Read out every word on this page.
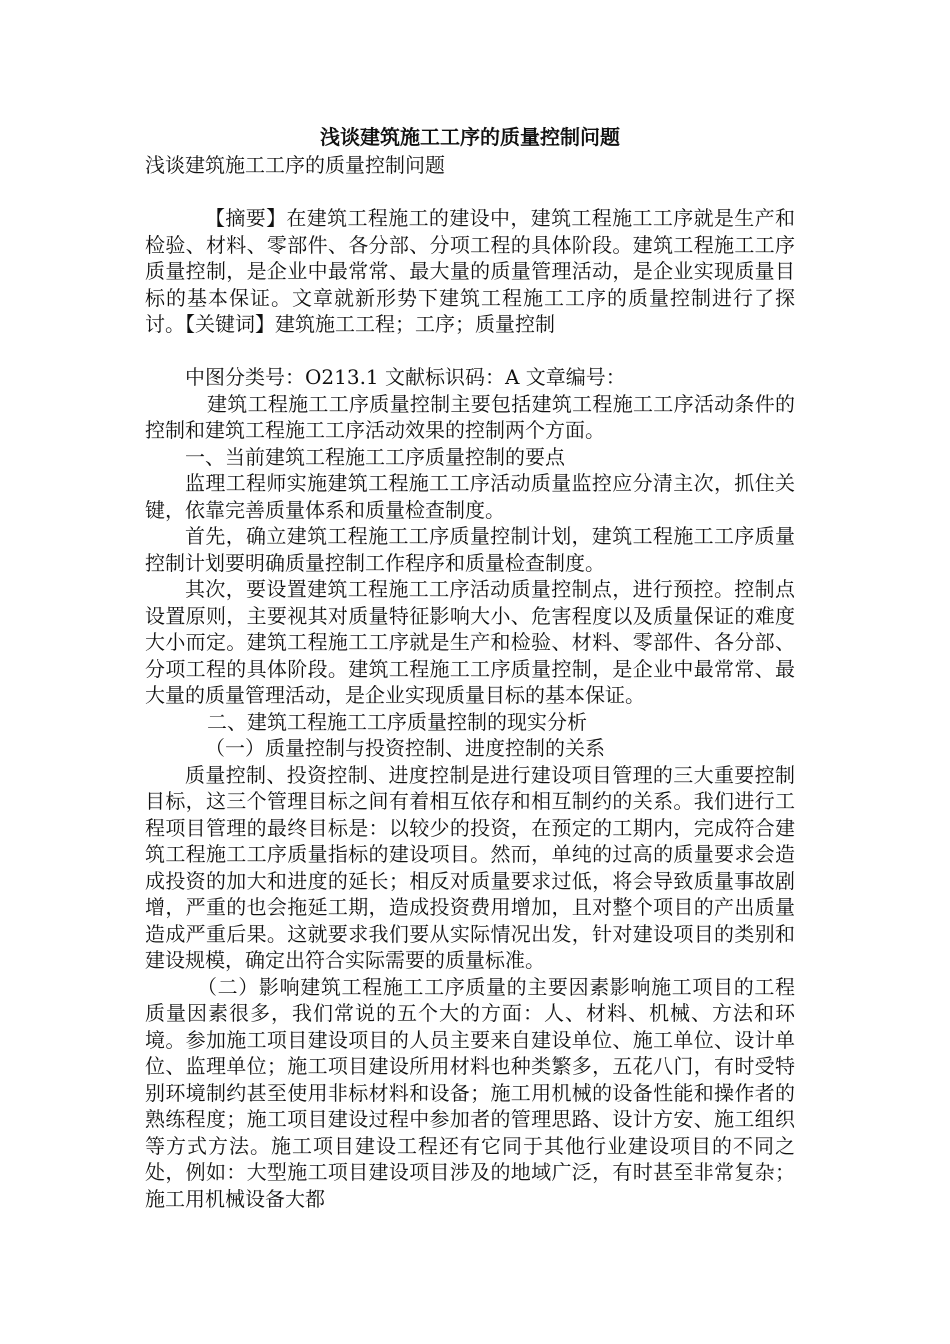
浅谈建筑施工工序的质量控制问题

浅谈建筑施工工序的质量控制问题

【摘要】在建筑工程施工的建设中，建筑工程施工工序就是生产和检验、材料、零部件、各分部、分项工程的具体阶段。建筑工程施工工序质量控制，是企业中最常常、最大量的质量管理活动，是企业实现质量目标的基本保证。文章就新形势下建筑工程施工工序的质量控制进行了探讨。【关键词】建筑施工工程；工序；质量控制

中图分类号：O213.1 文献标识码：A 文章编号：

建筑工程施工工序质量控制主要包括建筑工程施工工序活动条件的控制和建筑工程施工工序活动效果的控制两个方面。

一、当前建筑工程施工工序质量控制的要点

监理工程师实施建筑工程施工工序活动质量监控应分清主次，抓住关键，依靠完善质量体系和质量检查制度。

首先，确立建筑工程施工工序质量控制计划，建筑工程施工工序质量控制计划要明确质量控制工作程序和质量检查制度。

其次，要设置建筑工程施工工序活动质量控制点，进行预控。控制点设置原则，主要视其对质量特征影响大小、危害程度以及质量保证的难度大小而定。建筑工程施工工序就是生产和检验、材料、零部件、各分部、分项工程的具体阶段。建筑工程施工工序质量控制，是企业中最常常、最大量的质量管理活动，是企业实现质量目标的基本保证。

二、建筑工程施工工序质量控制的现实分析

（一）质量控制与投资控制、进度控制的关系

质量控制、投资控制、进度控制是进行建设项目管理的三大重要控制目标，这三个管理目标之间有着相互依存和相互制约的关系。我们进行工程项目管理的最终目标是：以较少的投资，在预定的工期内，完成符合建筑工程施工工序质量指标的建设项目。然而，单纯的过高的质量要求会造成投资的加大和进度的延长；相反对质量要求过低，将会导致质量事故剧增，严重的也会拖延工期，造成投资费用增加，且对整个项目的产出质量造成严重后果。这就要求我们要从实际情况出发，针对建设项目的类别和建设规模，确定出符合实际需要的质量标准。

（二）影响建筑工程施工工序质量的主要因素影响施工项目的工程质量因素很多，我们常说的五个大的方面：人、材料、机械、方法和环境。参加施工项目建设项目的人员主要来自建设单位、施工单位、设计单位、监理单位；施工项目建设所用材料也种类繁多，五花八门，有时受特别环境制约甚至使用非标材料和设备；施工用机械的设备性能和操作者的熟练程度；施工项目建设过程中参加者的管理思路、设计方安、施工组织等方式方法。施工项目建设工程还有它同于其他行业建设项目的不同之处，例如：大型施工项目建设项目涉及的地域广泛，有时甚至非常复杂；施工用机械设备大都
